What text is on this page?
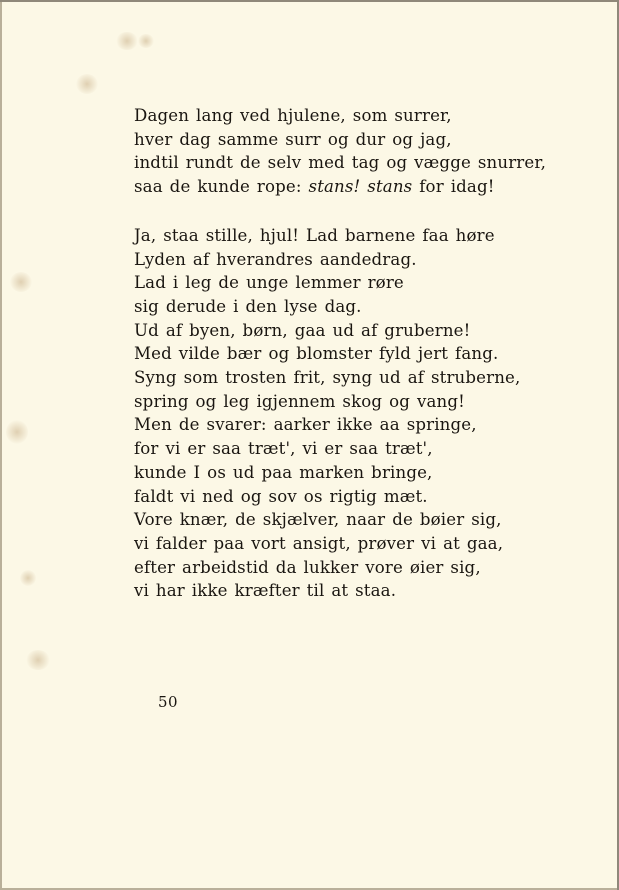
Dagen lang ved hjulene, som surrer,
hver dag samme surr og dur og jag,
indtil rundt de selv med tag og vægge snurrer,
saa de kunde rope: stans! stans for idag!

Ja, staa stille, hjul! Lad barnene faa høre
Lyden af hverandres aandedrag.
Lad i leg de unge lemmer røre
sig derude i den lyse dag.
Ud af byen, børn, gaa ud af gruberne!
Med vilde bær og blomster fyld jert fang.
Syng som trosten frit, syng ud af struberne,
spring og leg igjennem skog og vang!
Men de svarer: aarker ikke aa springe,
for vi er saa træt', vi er saa træt',
kunde I os ud paa marken bringe,
faldt vi ned og sov os rigtig mæt.
Vore knær, de skjælver, naar de bøier sig,
vi falder paa vort ansigt, prøver vi at gaa,
efter arbeidstid da lukker vore øier sig,
vi har ikke kræfter til at staa.

50
